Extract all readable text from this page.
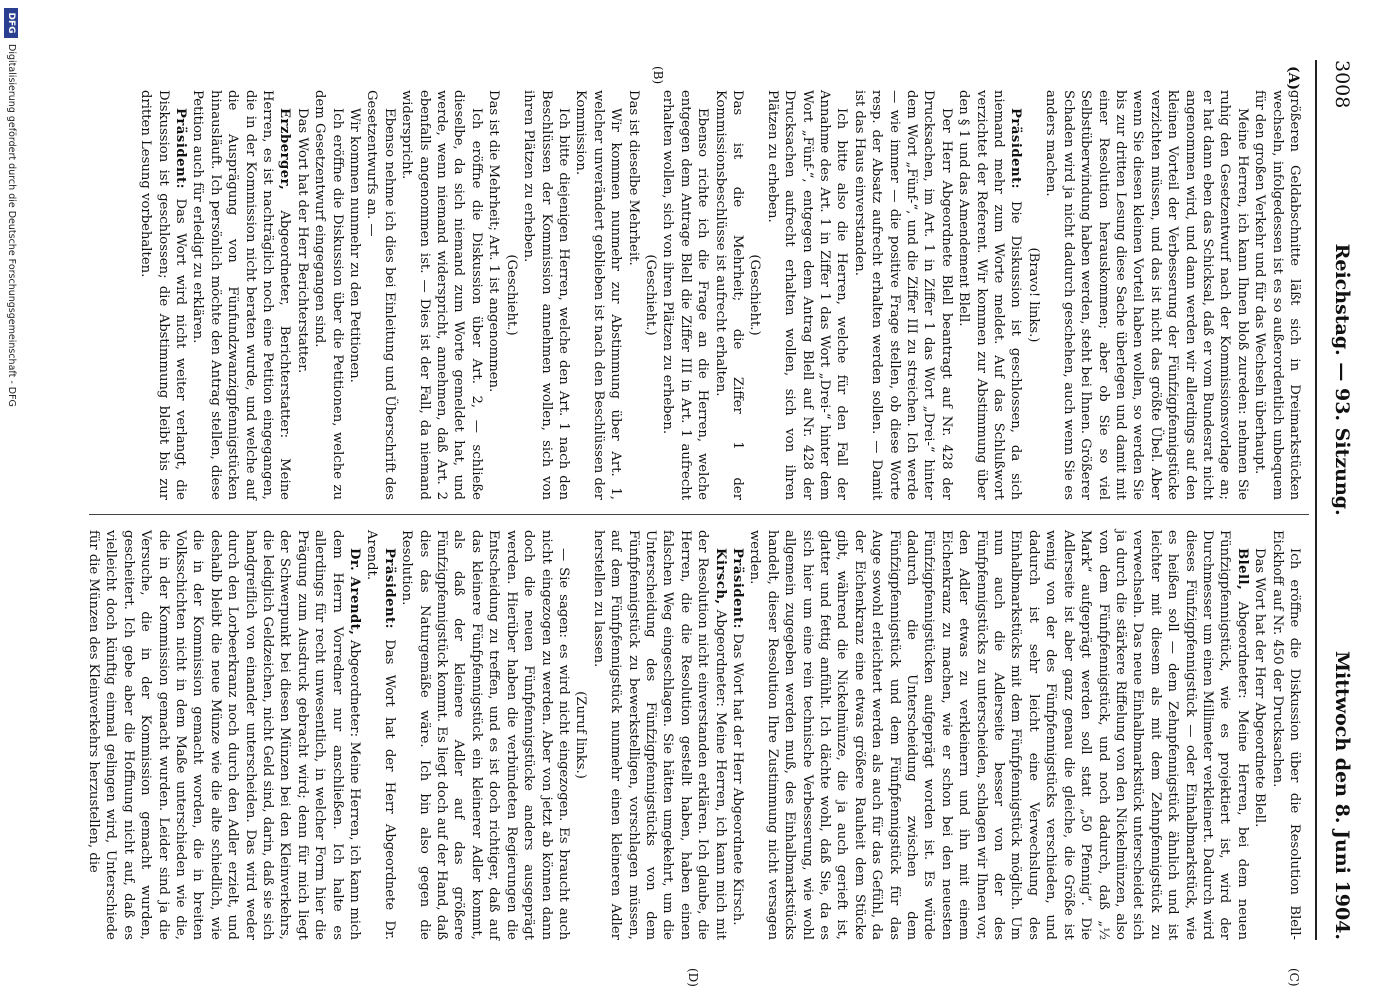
3008
Reichstag. — 93. Sitzung.
Mittwoch den 8. Juni 1904.
(A)
(B)
(C)
(D)

größeren Geldabschnitte läßt sich in Dreimarkstücken wechseln, infolgedessen ist es so außerordentlich unbequem für den großen Verkehr und für das Wechseln überhaupt.

Meine Herren, ich kann Ihnen bloß zureden: nehmen Sie ruhig den Gesetzentwurf nach der Kommissionsvorlage an; er hat dann eben das Schicksal, daß er vom Bundesrat nicht angenommen wird, und dann werden wir allerdings auf den kleinen Vorteil der Verbesserung der Fünfzigpfennigstücke verzichten müssen, und das ist nicht das größte Übel. Aber wenn Sie diesen kleinen Vorteil haben wollen, so werden Sie bis zur dritten Lesung diese Sache überlegen und damit mit einer Resolution herauskommen; aber ob Sie so viel Selbstüberwindung haben werden, steht bei Ihnen. Größerer Schaden wird ja nicht dadurch geschehen, auch wenn Sie es anders machen.

(Bravo! links.)

Präsident: Die Diskussion ist geschlossen, da sich niemand mehr zum Worte meldet. Auf das Schlußwort verzichtet der Referent. Wir kommen zur Abstimmung über den § 1 und das Amendement Blell.

Der Herr Abgeordnete Blell beantragt auf Nr. 428 der Drucksachen, im Art. 1 in Ziffer 1 das Wort „Drei-“ hinter dem Wort „Fünf-“, und die Ziffer III zu streichen. Ich werde — wie immer — die positive Frage stellen, ob diese Worte resp. der Absatz aufrecht erhalten werden sollen. — Damit ist das Haus einverstanden.

Ich bitte also die Herren, welche für den Fall der Annahme des Art. 1 in Ziffer 1 das Wort „Drei-“ hinter dem Wort „Fünf-“, entgegen dem Antrag Blell auf Nr. 428 der Drucksachen aufrecht erhalten wollen, sich von ihren Plätzen zu erheben.

(Geschieht.)

Das ist die Mehrheit; die Ziffer 1 der Kommissionsbeschlüsse ist aufrecht erhalten.

Ebenso richte ich die Frage an die Herren, welche entgegen dem Antrage Blell die Ziffer III in Art. 1 aufrecht erhalten wollen, sich von ihren Plätzen zu erheben.

(Geschieht.)

Das ist dieselbe Mehrheit.

Wir kommen nunmehr zur Abstimmung über Art. 1, welcher unverändert geblieben ist nach den Beschlüssen der Kommission.

Ich bitte diejenigen Herren, welche den Art. 1 nach den Beschlüssen der Kommission annehmen wollen, sich von ihren Plätzen zu erheben.

(Geschieht.)

Das ist die Mehrheit; Art. 1 ist angenommen.

Ich eröffne die Diskussion über Art. 2, — schließe dieselbe, da sich niemand zum Worte gemeldet hat, und werde, wenn niemand widerspricht, annehmen, daß Art. 2 ebenfalls angenommen ist. — Dies ist der Fall, da niemand widerspricht.

Ebenso nehme ich dies bei Einleitung und Überschrift des Gesetzentwurfs an. —

Wir kommen nunmehr zu den Petitionen.

Ich eröffne die Diskussion über die Petitionen, welche zu dem Gesetzentwurf eingegangen sind.

Das Wort hat der Herr Berichterstatter.

Erzberger, Abgeordneter, Berichterstatter: Meine Herren, es ist nachträglich noch eine Petition eingegangen, die in der Kommission nicht beraten wurde, und welche auf die Ausprägung von Fünfundzwanzigpfennigstücken hinausläuft. Ich persönlich möchte den Antrag stellen, diese Petition auch für erledigt zu erklären.

Präsident: Das Wort wird nicht weiter verlangt, die Diskussion ist geschlossen; die Abstimmung bleibt bis zur dritten Lesung vorbehalten.

Ich eröffne die Diskussion über die Resolution Blell-Eickhoff auf Nr. 450 der Drucksachen.

Das Wort hat der Herr Abgeordnete Blell.

Blell, Abgeordneter: Meine Herren, bei dem neuen Fünfzigpfennigstück, wie es projektiert ist, wird der Durchmesser um einen Millimeter verkleinert. Dadurch wird dieses Fünfzigpfennigstück — oder Einhalbmarkstück, wie es heißen soll — dem Zehnpfennigstück ähnlich und ist leichter mit diesem als mit dem Zehnpfennigstück zu verwechseln. Das neue Einhalbmarkstück unterscheidet sich ja durch die stärkere Riffelung von den Nickelmünzen, also von dem Fünfpfennigstück, und noch dadurch, daß „½ Mark“ aufgeprägt werden soll statt „50 Pfennig“. Die Adlerseite ist aber ganz genau die gleiche, die Größe ist wenig von der des Fünfpfennigstücks verschieden, und dadurch ist sehr leicht eine Verwechslung des Einhalbmarkstücks mit dem Fünfpfennigstück möglich. Um nun auch die Adlerseite besser von der des Fünfpfennigstücks zu unterscheiden, schlagen wir Ihnen vor, den Adler etwas zu verkleinern und ihn mit einem Eichenkranz zu machen, wie er schon bei den neuesten Fünfzigpfennigstücken aufgeprägt worden ist. Es würde dadurch die Unterscheidung zwischen dem Fünfzigpfennigstück und dem Fünfpfennigstück für das Auge sowohl erleichtert werden als auch für das Gefühl, da der Eichenkranz eine etwas größere Rauheit dem Stücke gibt, während die Nickelmünze, die ja auch gerieft ist, glatter und fettig anfühlt. Ich dächte wohl, daß Sie, da es sich hier um eine rein technische Verbesserung, wie wohl allgemein zugegeben werden muß, des Einhalbmarkstücks handelt, dieser Resolution Ihre Zustimmung nicht versagen werden.

Präsident: Das Wort hat der Herr Abgeordnete Kirsch.

Kirsch, Abgeordneter: Meine Herren, ich kann mich mit der Resolution nicht einverstanden erklären. Ich glaube, die Herren, die die Resolution gestellt haben, haben einen falschen Weg eingeschlagen. Sie hätten umgekehrt, um die Unterscheidung des Fünfzigpfennigstücks von dem Fünfpfennigstück zu bewerkstelligen, vorschlagen müssen, auf dem Fünfpfennigstück nunmehr einen kleineren Adler herstellen zu lassen.

(Zuruf links.)

— Sie sagen: es wird nicht eingezogen. Es braucht auch nicht eingezogen zu werden. Aber von jetzt ab können dann doch die neuen Fünfpfennigstücke anders ausgeprägt werden. Hierüber haben die verbündeten Regierungen die Entscheidung zu treffen, und es ist doch richtiger, daß auf das kleinere Fünfpfennigstück ein kleinerer Adler kommt, als daß der kleinere Adler auf das größere Fünfzigpfennigstück kommt. Es liegt doch auf der Hand, daß dies das Naturgemäße wäre. Ich bin also gegen die Resolution.

Präsident: Das Wort hat der Herr Abgeordnete Dr. Arendt.

Dr. Arendt, Abgeordneter: Meine Herren, ich kann mich dem Herrn Vorredner nur anschließen. Ich halte es allerdings für recht unwesentlich, in welcher Form hier die Prägung zum Ausdruck gebracht wird; denn für mich liegt der Schwerpunkt bei diesen Münzen bei den Kleinverkehrs, die lediglich Geldzeichen, nicht Geld sind, darin, daß sie sich handgreiflich von einander unterscheiden. Das wird weder durch den Lorbeerkranz noch durch den Adler erzielt, und deshalb bleibt die neue Münze wie die alte schiedlich, wie die in der Kommission gemacht worden, die in breiten Volksschichten nicht in dem Maße unterschieden wie die, die in der Kommission gemacht wurden. Leider sind ja die Versuche, die in der Kommission gemacht wurden, gescheitert. Ich gebe aber die Hoffnung nicht auf, daß es vielleicht doch künftig einmal gelingen wird, Unterschiede für die Münzen des Kleinverkehrs herzustellen, die

DFG
Digitalisierung gefördert durch die Deutsche Forschungsgemeinschaft - DFG
